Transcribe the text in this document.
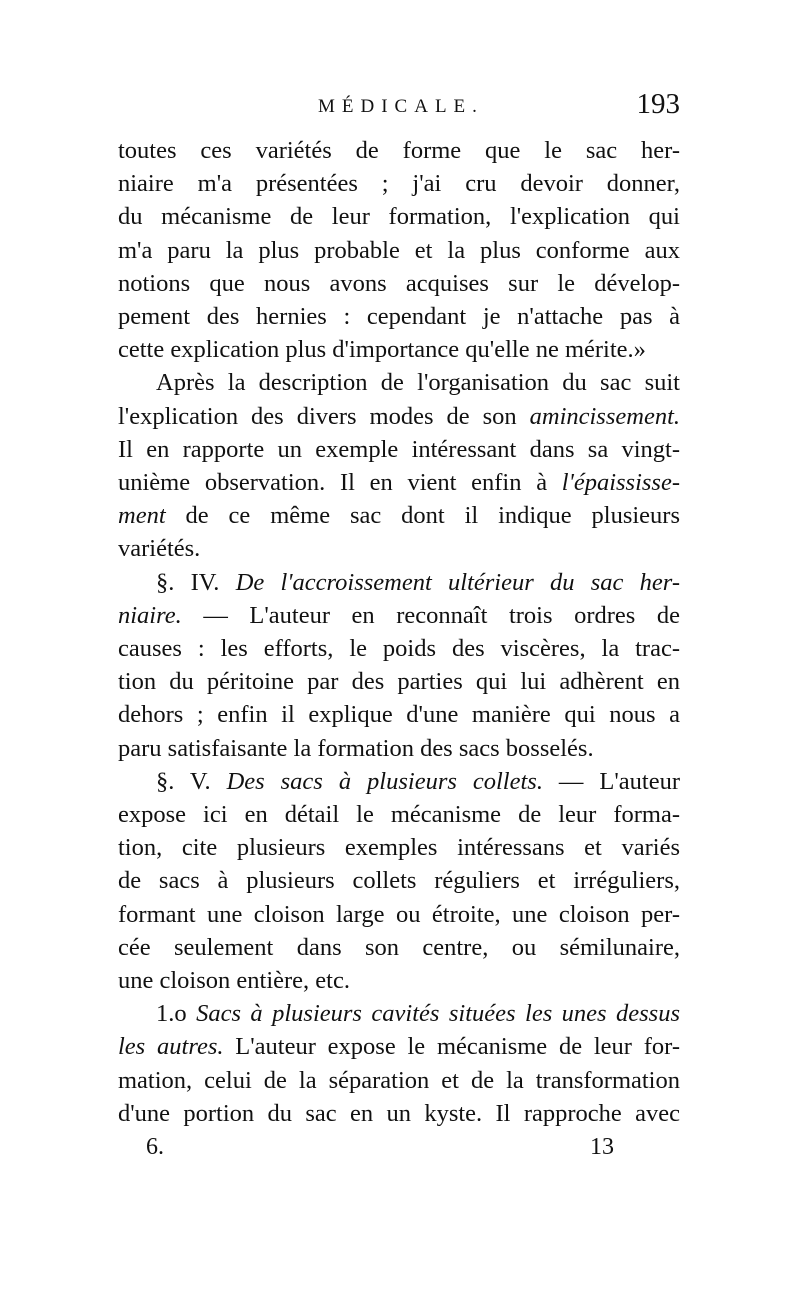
MÉDICALE.	193
toutes ces variétés de forme que le sac her-
niaire m'a présentées ; j'ai cru devoir donner,
du mécanisme de leur formation, l'explication qui
m'a paru la plus probable et la plus conforme aux
notions que nous avons acquises sur le dévelop-
pement des hernies : cependant je n'attache pas à
cette explication plus d'importance qu'elle ne mérite.»
Après la description de l'organisation du sac suit
l'explication des divers modes de son amincissement.
Il en rapporte un exemple intéressant dans sa vingt-
unième observation. Il en vient enfin à l'épaississe-
ment de ce même sac dont il indique plusieurs
variétés.
§. IV. De l'accroissement ultérieur du sac her-
niaire. — L'auteur en reconnaît trois ordres de
causes : les efforts, le poids des viscères, la trac-
tion du péritoine par des parties qui lui adhèrent en
dehors ; enfin il explique d'une manière qui nous a
paru satisfaisante la formation des sacs bosselés.
§. V. Des sacs à plusieurs collets. — L'auteur
expose ici en détail le mécanisme de leur forma-
tion, cite plusieurs exemples intéressans et variés
de sacs à plusieurs collets réguliers et irréguliers,
formant une cloison large ou étroite, une cloison per-
cée seulement dans son centre, ou sémilunaire,
une cloison entière, etc.
1.o Sacs à plusieurs cavités situées les unes dessus
les autres. L'auteur expose le mécanisme de leur for-
mation, celui de la séparation et de la transformation
d'une portion du sac en un kyste. Il rapproche avec
6.	13
